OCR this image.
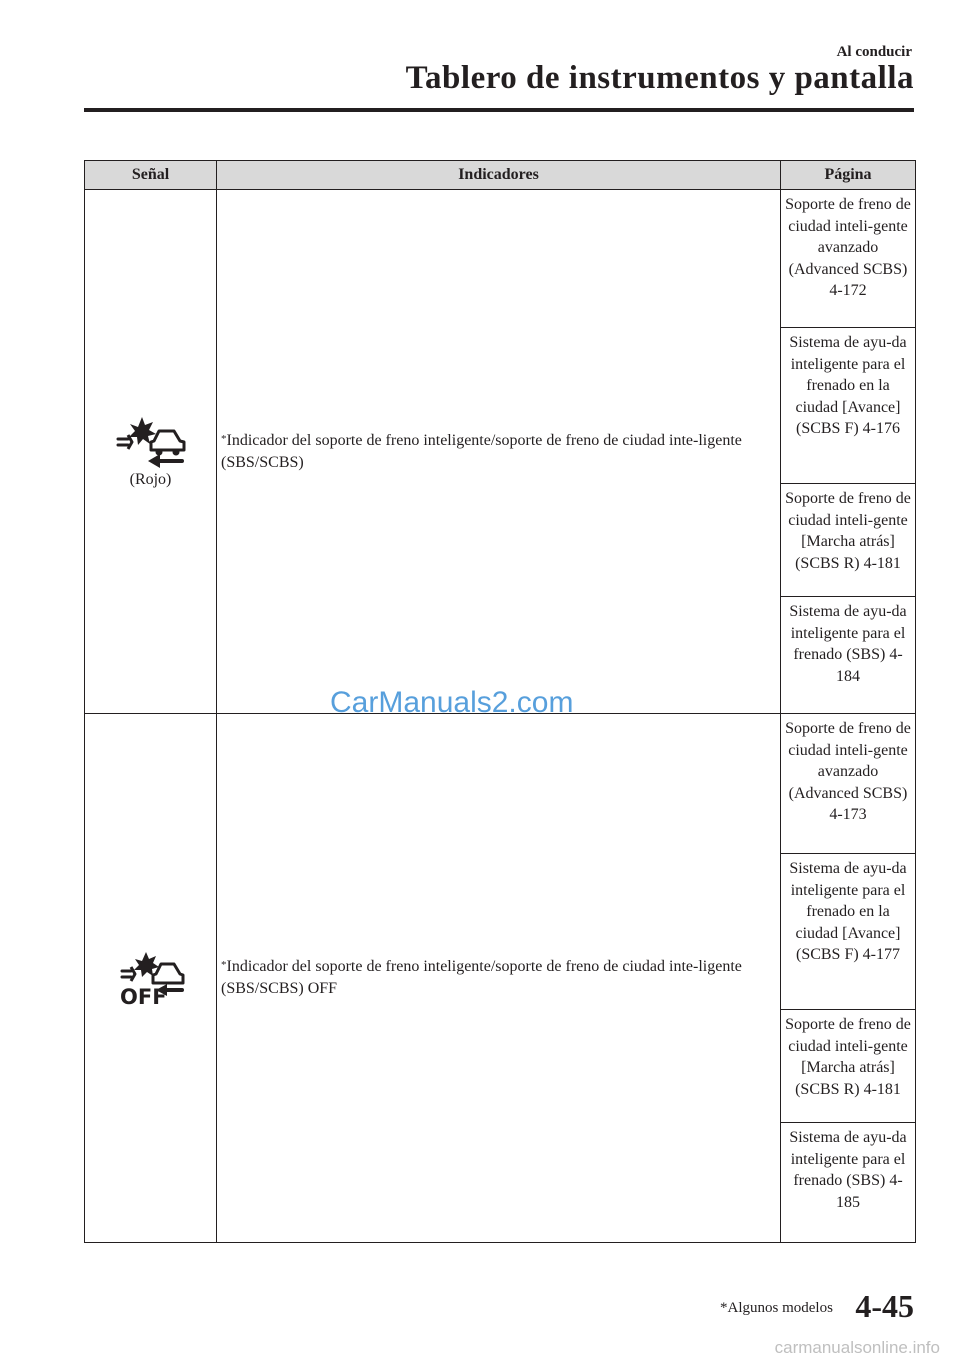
Al conducir
Tablero de instrumentos y pantalla
Señal	Indicadores	Página

(Rojo)	*Indicador del soporte de freno inteligente/soporte de freno de ciudad inte-ligente (SBS/SCBS)	Soporte de freno de ciudad inteli-gente avanzado (Advanced SCBS) 4-172
		Sistema de ayu-da inteligente para el frenado en la ciudad [Avance] (SCBS F) 4-176
		Soporte de freno de ciudad inteli-gente [Marcha atrás] (SCBS R) 4-181
		Sistema de ayu-da inteligente para el frenado (SBS) 4-184

OFF	*Indicador del soporte de freno inteligente/soporte de freno de ciudad inte-ligente (SBS/SCBS) OFF	Soporte de freno de ciudad inteli-gente avanzado (Advanced SCBS) 4-173
		Sistema de ayu-da inteligente para el frenado en la ciudad [Avance] (SCBS F) 4-177
		Soporte de freno de ciudad inteli-gente [Marcha atrás] (SCBS R) 4-181
		Sistema de ayu-da inteligente para el frenado (SBS) 4-185
CarManuals2.com
*Algunos modelos 4-45
carmanualsonline.info
